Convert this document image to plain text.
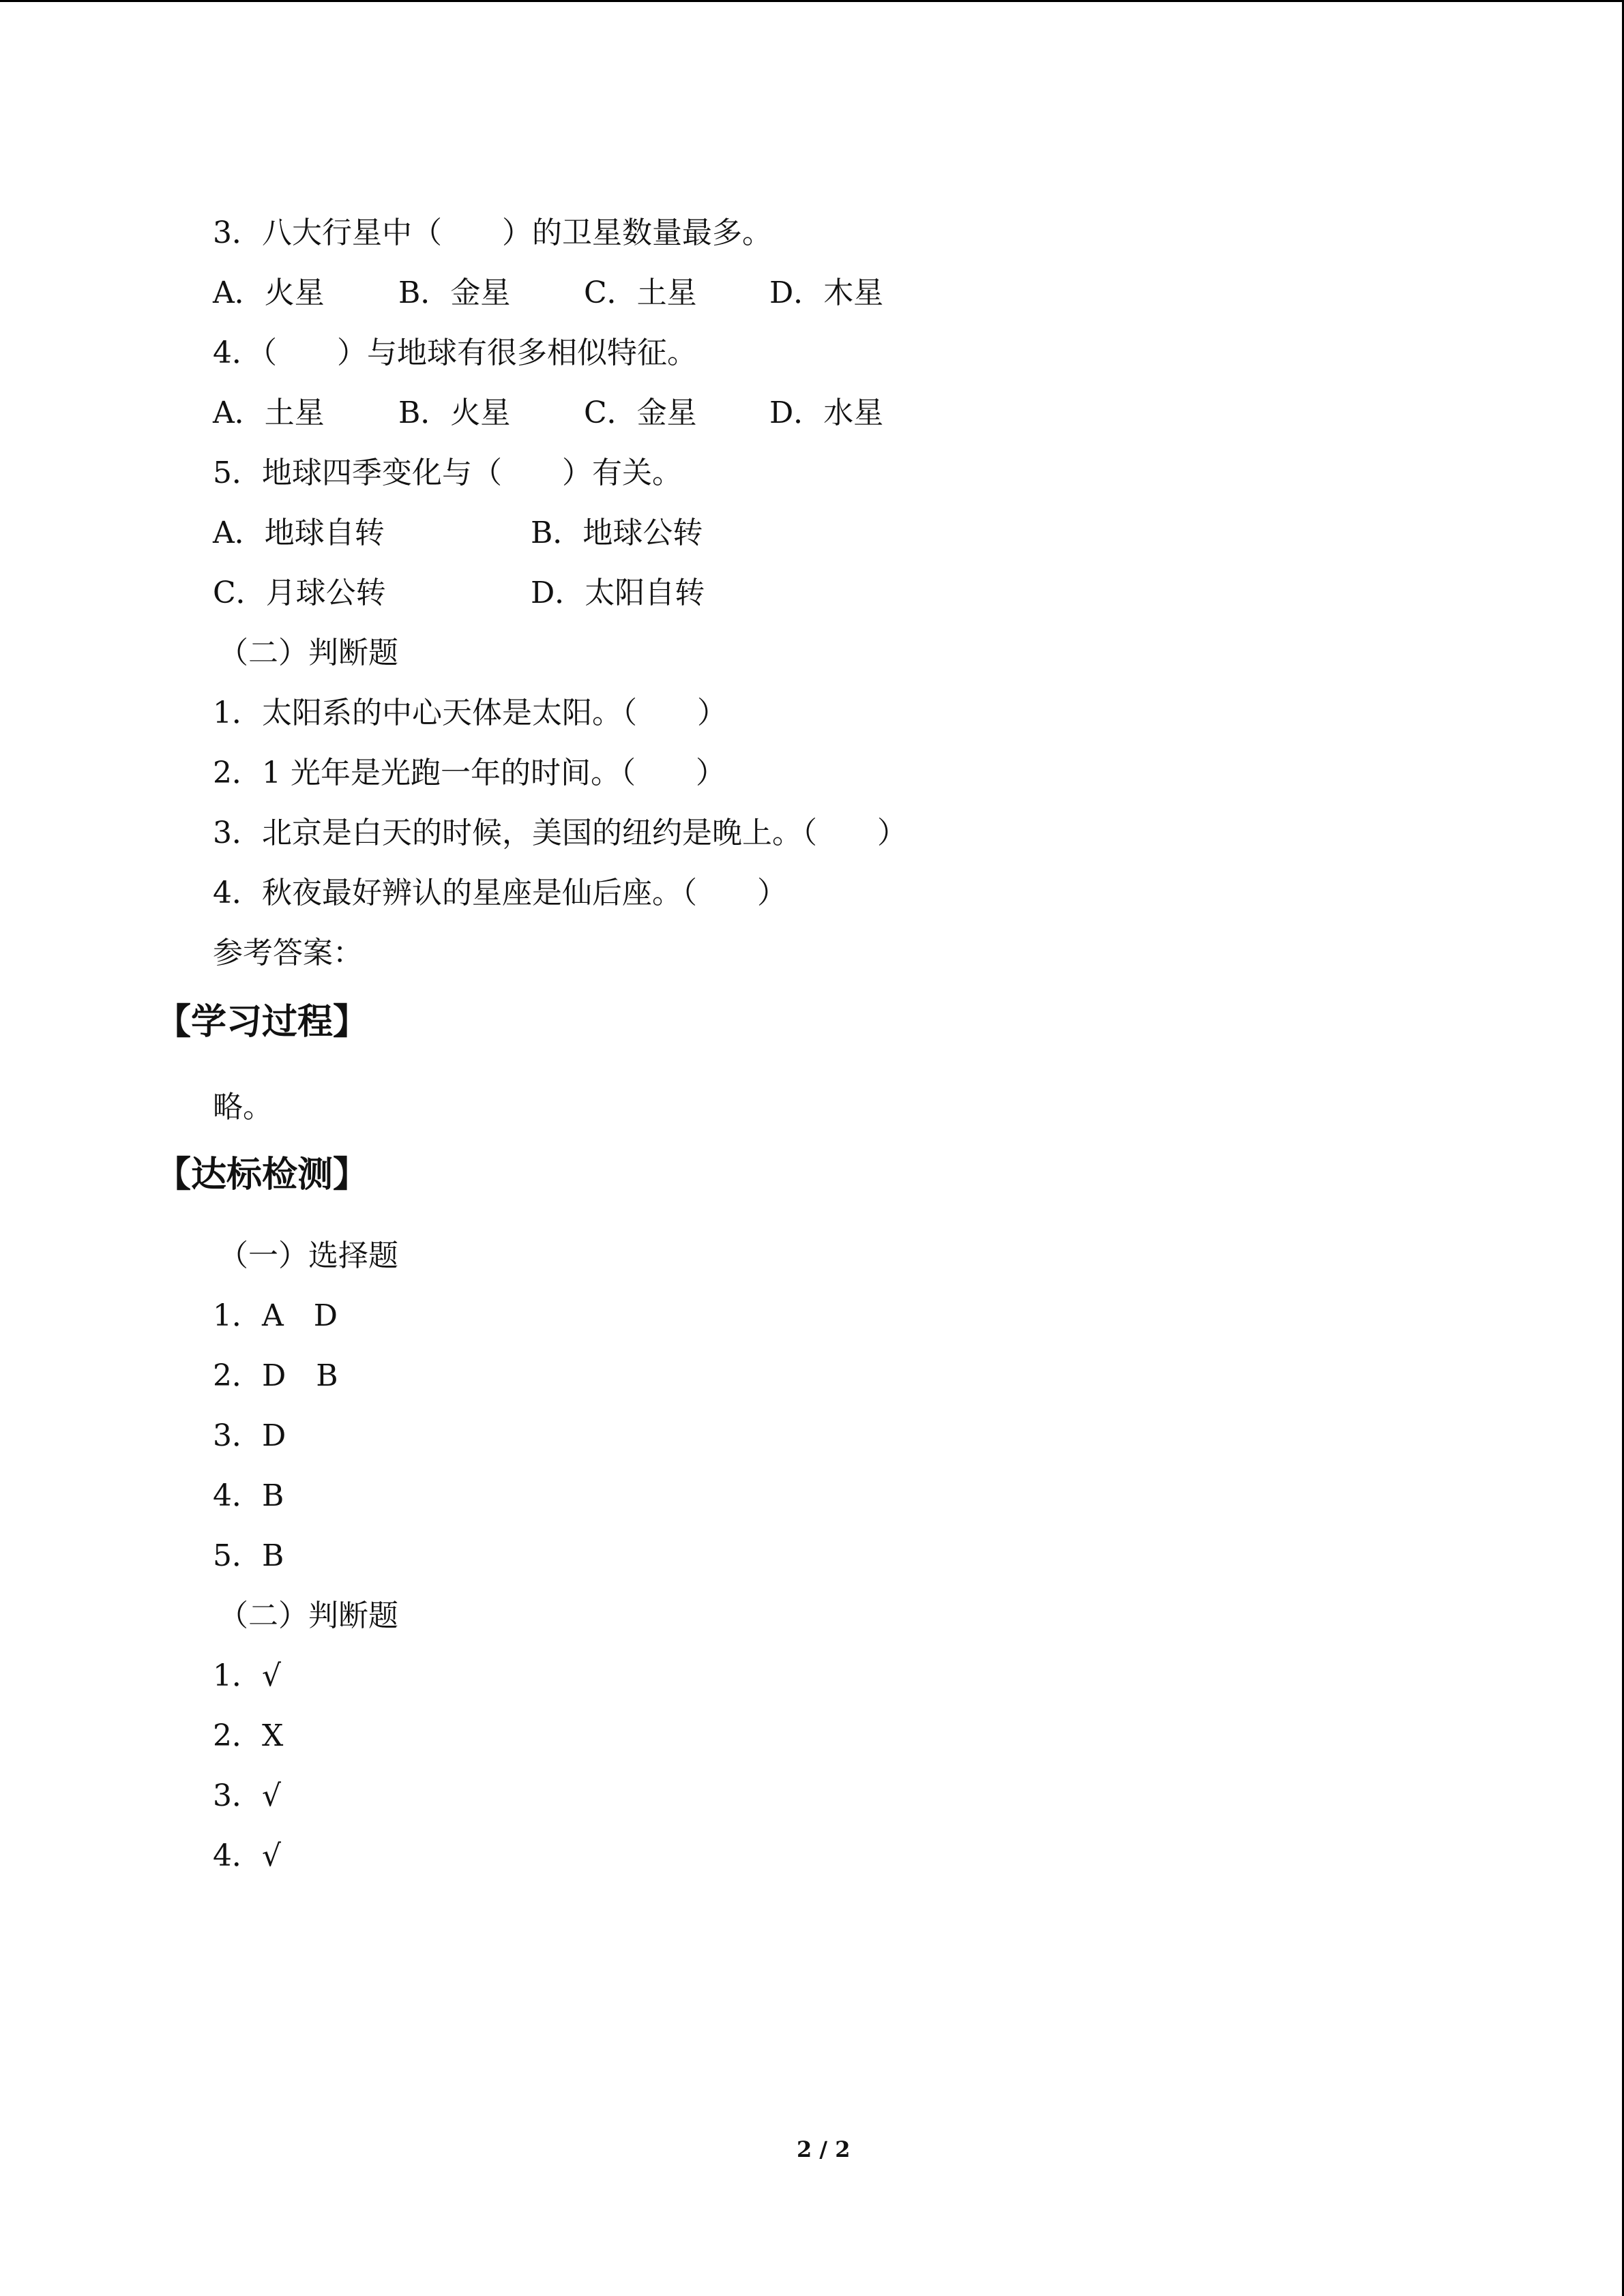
3．八大行星中（　　）的卫星数量最多。
A．火星	B．金星	C．土星	D．木星
4．（　　）与地球有很多相似特征。
A．土星	B．火星	C．金星	D．水星
5．地球四季变化与（　　）有关。
A．地球自转	B．地球公转
C．月球公转	D．太阳自转
（二）判断题
1．太阳系的中心天体是太阳。（　　）
2．1 光年是光跑一年的时间。（　　）
3．北京是白天的时候，美国的纽约是晚上。（　　）
4．秋夜最好辨认的星座是仙后座。（　　）
参考答案：
【学习过程】
略。
【达标检测】
（一）选择题
1．A　D
2．D　B
3．D
4．B
5．B
（二）判断题
1．√
2．X
3．√
4．√
2 / 2
